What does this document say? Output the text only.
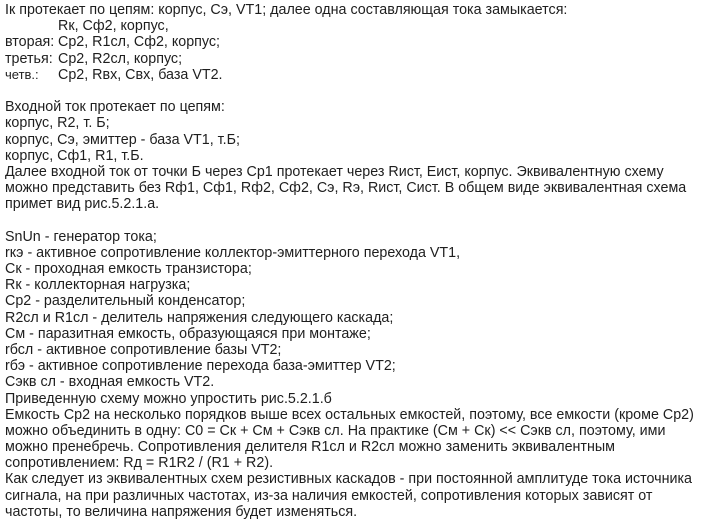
Iк протекает по цепям: корпус, Cэ, VT1; далее одна составляющая тока замыкается:
Rк, Cф2, корпус,
вторая: Cр2, R1сл, Cф2, корпус;
третья: Cр2, R2сл, корпус;
четв.:	Cр2, Rвх, Cвх, база VT2.
Входной ток протекает по цепям:
корпус, R2, т. Б;
корпус, Cэ, эмиттер - база VT1, т.Б;
корпус, Cф1, R1, т.Б.
Далее входной ток от точки Б через Cр1 протекает через Rист, Eист, корпус. Эквивалентную схему
можно представить без Rф1, Cф1, Rф2, Cф2, Cэ, Rэ, Rист, Cист. В общем виде эквивалентная схема
примет вид рис.5.2.1.а.
SnUn - генератор тока;
rкэ - активное сопротивление коллектор-эмиттерного перехода VT1,
Cк - проходная емкость транзистора;
Rк - коллекторная нагрузка;
Cр2 - разделительный конденсатор;
R2сл и R1сл - делитель напряжения следующего каскада;
Cм - паразитная емкость, образующаяся при монтаже;
rбсл - активное сопротивление базы VT2;
rбэ - активное сопротивление перехода база-эмиттер VT2;
Cэкв сл - входная емкость VT2.
Приведенную схему можно упростить рис.5.2.1.б
Емкость Cр2 на несколько порядков выше всех остальных емкостей, поэтому, все емкости (кроме Cр2)
можно объединить в одну: C0 = Cк + Cм + Cэкв сл. На практике (Cм + Cк) << Cэкв сл, поэтому, ими
можно пренебречь. Сопротивления делителя R1сл и R2сл можно заменить эквивалентным
сопротивлением: Rд = R1R2 / (R1 + R2).
Как следует из эквивалентных схем резистивных каскадов - при постоянной амплитуде тока источника
сигнала, на при различных частотах, из-за наличия емкостей, сопротивления которых зависят от
частоты, то величина напряжения будет изменяться.
